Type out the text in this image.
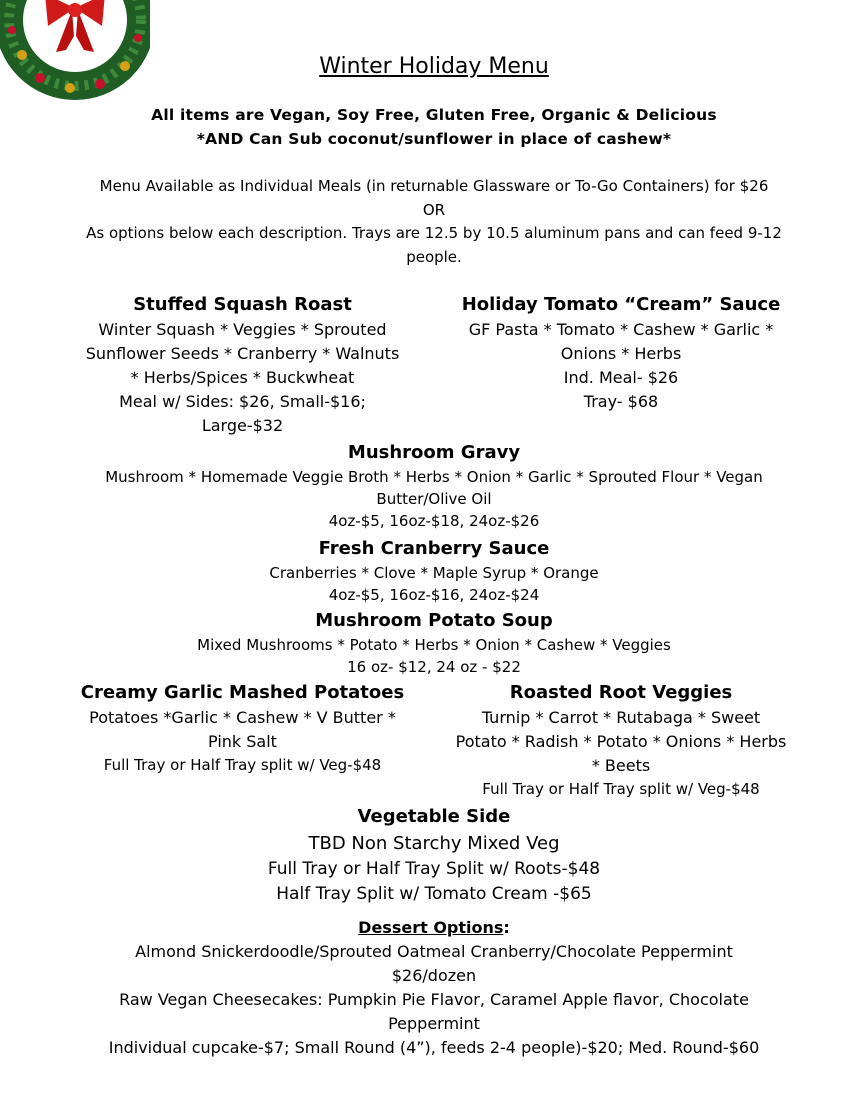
Winter Holiday Menu
All items are Vegan, Soy Free, Gluten Free, Organic & Delicious
*AND Can Sub coconut/sunflower in place of cashew*
Menu Available as Individual Meals (in returnable Glassware or To-Go Containers) for $26
OR
As options below each description. Trays are 12.5 by 10.5 aluminum pans and can feed 9-12 people.
Stuffed Squash Roast
Winter Squash * Veggies * Sprouted Sunflower Seeds * Cranberry * Walnuts * Herbs/Spices * Buckwheat
Meal w/ Sides: $26, Small-$16; Large-$32
Holiday Tomato “Cream” Sauce
GF Pasta * Tomato * Cashew * Garlic * Onions * Herbs
Ind. Meal- $26
Tray- $68
Mushroom Gravy
Mushroom * Homemade Veggie Broth * Herbs * Onion * Garlic * Sprouted Flour * Vegan Butter/Olive Oil
4oz-$5, 16oz-$18, 24oz-$26
Fresh Cranberry Sauce
Cranberries * Clove * Maple Syrup * Orange
4oz-$5, 16oz-$16, 24oz-$24
Mushroom Potato Soup
Mixed Mushrooms * Potato * Herbs * Onion * Cashew * Veggies
16 oz- $12, 24 oz - $22
Creamy Garlic Mashed Potatoes
Potatoes *Garlic * Cashew * V Butter * Pink Salt
Full Tray or Half Tray split w/ Veg-$48
Roasted Root Veggies
Turnip * Carrot * Rutabaga * Sweet Potato * Radish * Potato * Onions * Herbs * Beets
Full Tray or Half Tray split w/ Veg-$48
Vegetable Side
TBD Non Starchy Mixed Veg
Full Tray or Half Tray Split w/ Roots-$48
Half Tray Split w/ Tomato Cream -$65
Dessert Options:
Almond Snickerdoodle/Sprouted Oatmeal Cranberry/Chocolate Peppermint
$26/dozen
Raw Vegan Cheesecakes: Pumpkin Pie Flavor, Caramel Apple flavor, Chocolate Peppermint
Individual cupcake-$7; Small Round (4”), feeds 2-4 people)-$20; Med. Round-$60
